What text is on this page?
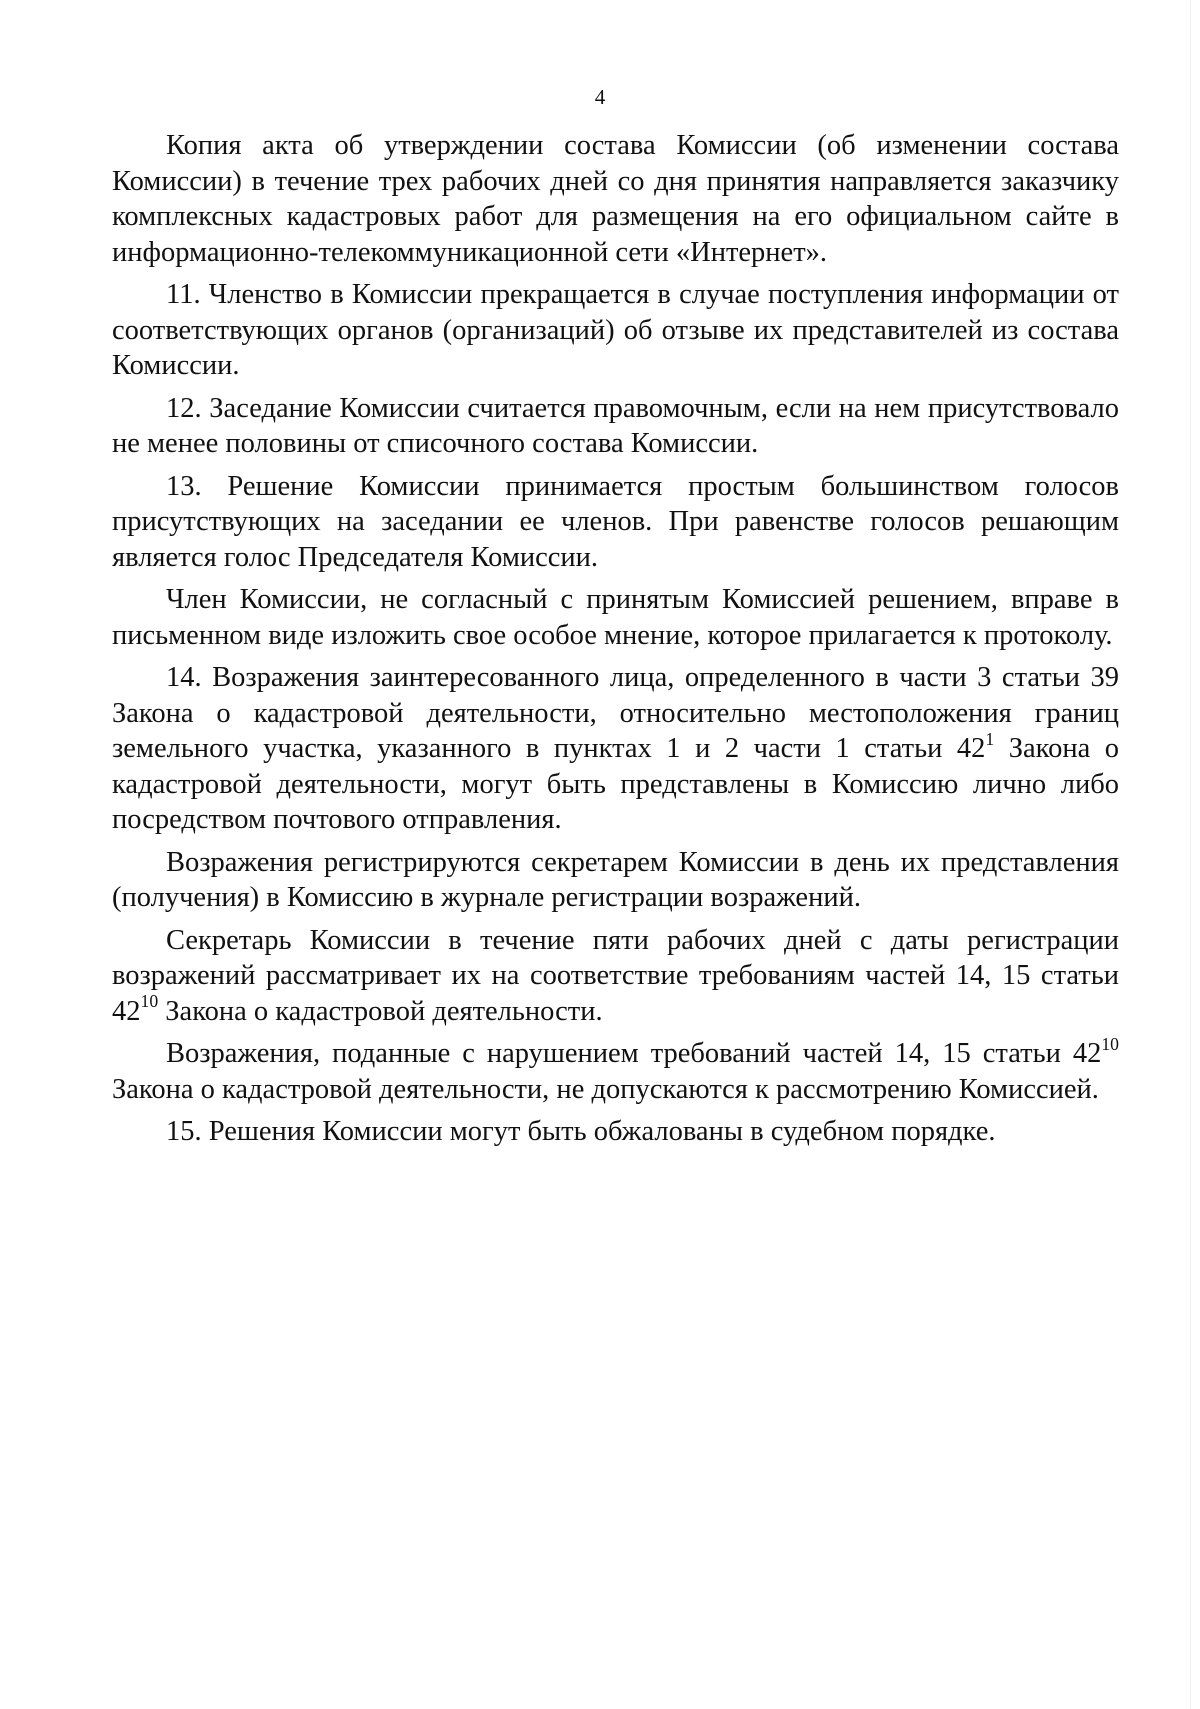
4

Копия акта об утверждении состава Комиссии (об изменении состава Комиссии) в течение трех рабочих дней со дня принятия направляется заказчику комплексных кадастровых работ для размещения на его официальном сайте в информационно-телекоммуникационной сети «Интернет».

11. Членство в Комиссии прекращается в случае поступления информации от соответствующих органов (организаций) об отзыве их представителей из состава Комиссии.

12. Заседание Комиссии считается правомочным, если на нем присутствовало не менее половины от списочного состава Комиссии.

13. Решение Комиссии принимается простым большинством голосов присутствующих на заседании ее членов. При равенстве голосов решающим является голос Председателя Комиссии.

Член Комиссии, не согласный с принятым Комиссией решением, вправе в письменном виде изложить свое особое мнение, которое прилагается к протоколу.

14. Возражения заинтересованного лица, определенного в части 3 статьи 39 Закона о кадастровой деятельности, относительно местоположения границ земельного участка, указанного в пунктах 1 и 2 части 1 статьи $42^1$ Закона о кадастровой деятельности, могут быть представлены в Комиссию лично либо посредством почтового отправления.

Возражения регистрируются секретарем Комиссии в день их представления (получения) в Комиссию в журнале регистрации возражений.

Секретарь Комиссии в течение пяти рабочих дней с даты регистрации возражений рассматривает их на соответствие требованиям частей 14, 15 статьи $42^{10}$ Закона о кадастровой деятельности.

Возражения, поданные с нарушением требований частей 14, 15 статьи $42^{10}$ Закона о кадастровой деятельности, не допускаются к рассмотрению Комиссией.

15. Решения Комиссии могут быть обжалованы в судебном порядке.
